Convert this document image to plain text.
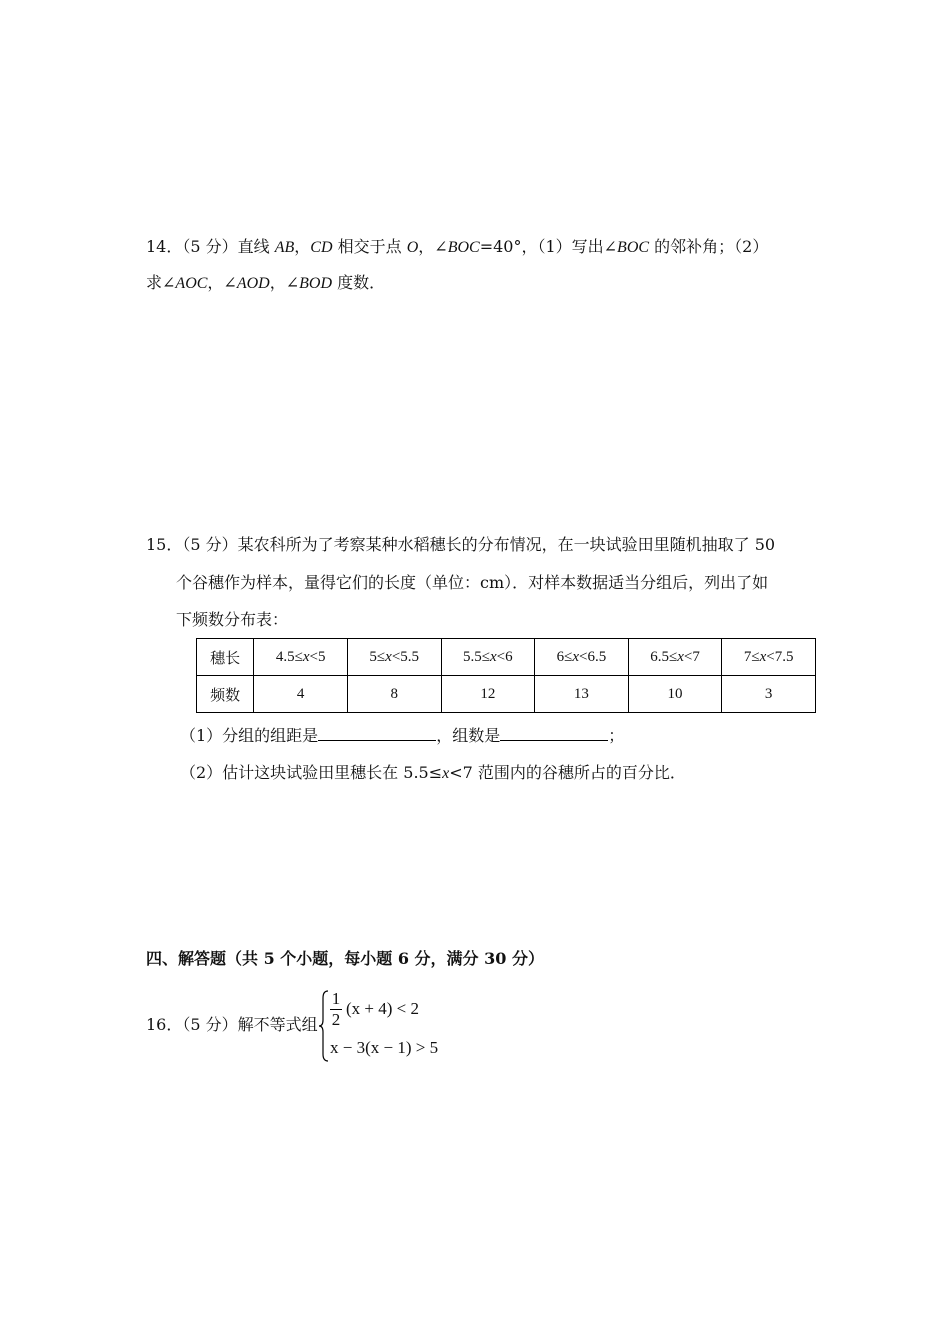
14．（5 分）直线 AB，CD 相交于点 O，∠BOC=40°，（1）写出∠BOC 的邻补角；（2）
求∠AOC，∠AOD，∠BOD 度数．
15．（5 分）某农科所为了考察某种水稻穗长的分布情况，在一块试验田里随机抽取了 50
个谷穗作为样本，量得它们的长度（单位：cm）．对样本数据适当分组后，列出了如
下频数分布表：
穗长	4.5≤x<5	5≤x<5.5	5.5≤x<6	6≤x<6.5	6.5≤x<7	7≤x<7.5
频数	4	8	12	13	10	3
（1）分组的组距是	，组数是	；
（2）估计这块试验田里穗长在 5.5≤x<7 范围内的谷穗所占的百分比．
四、解答题（共 5 个小题，每小题 6 分，满分 30 分）
16．（5 分）解不等式组
1
2
(x + 4) < 2
x − 3(x − 1) > 5
